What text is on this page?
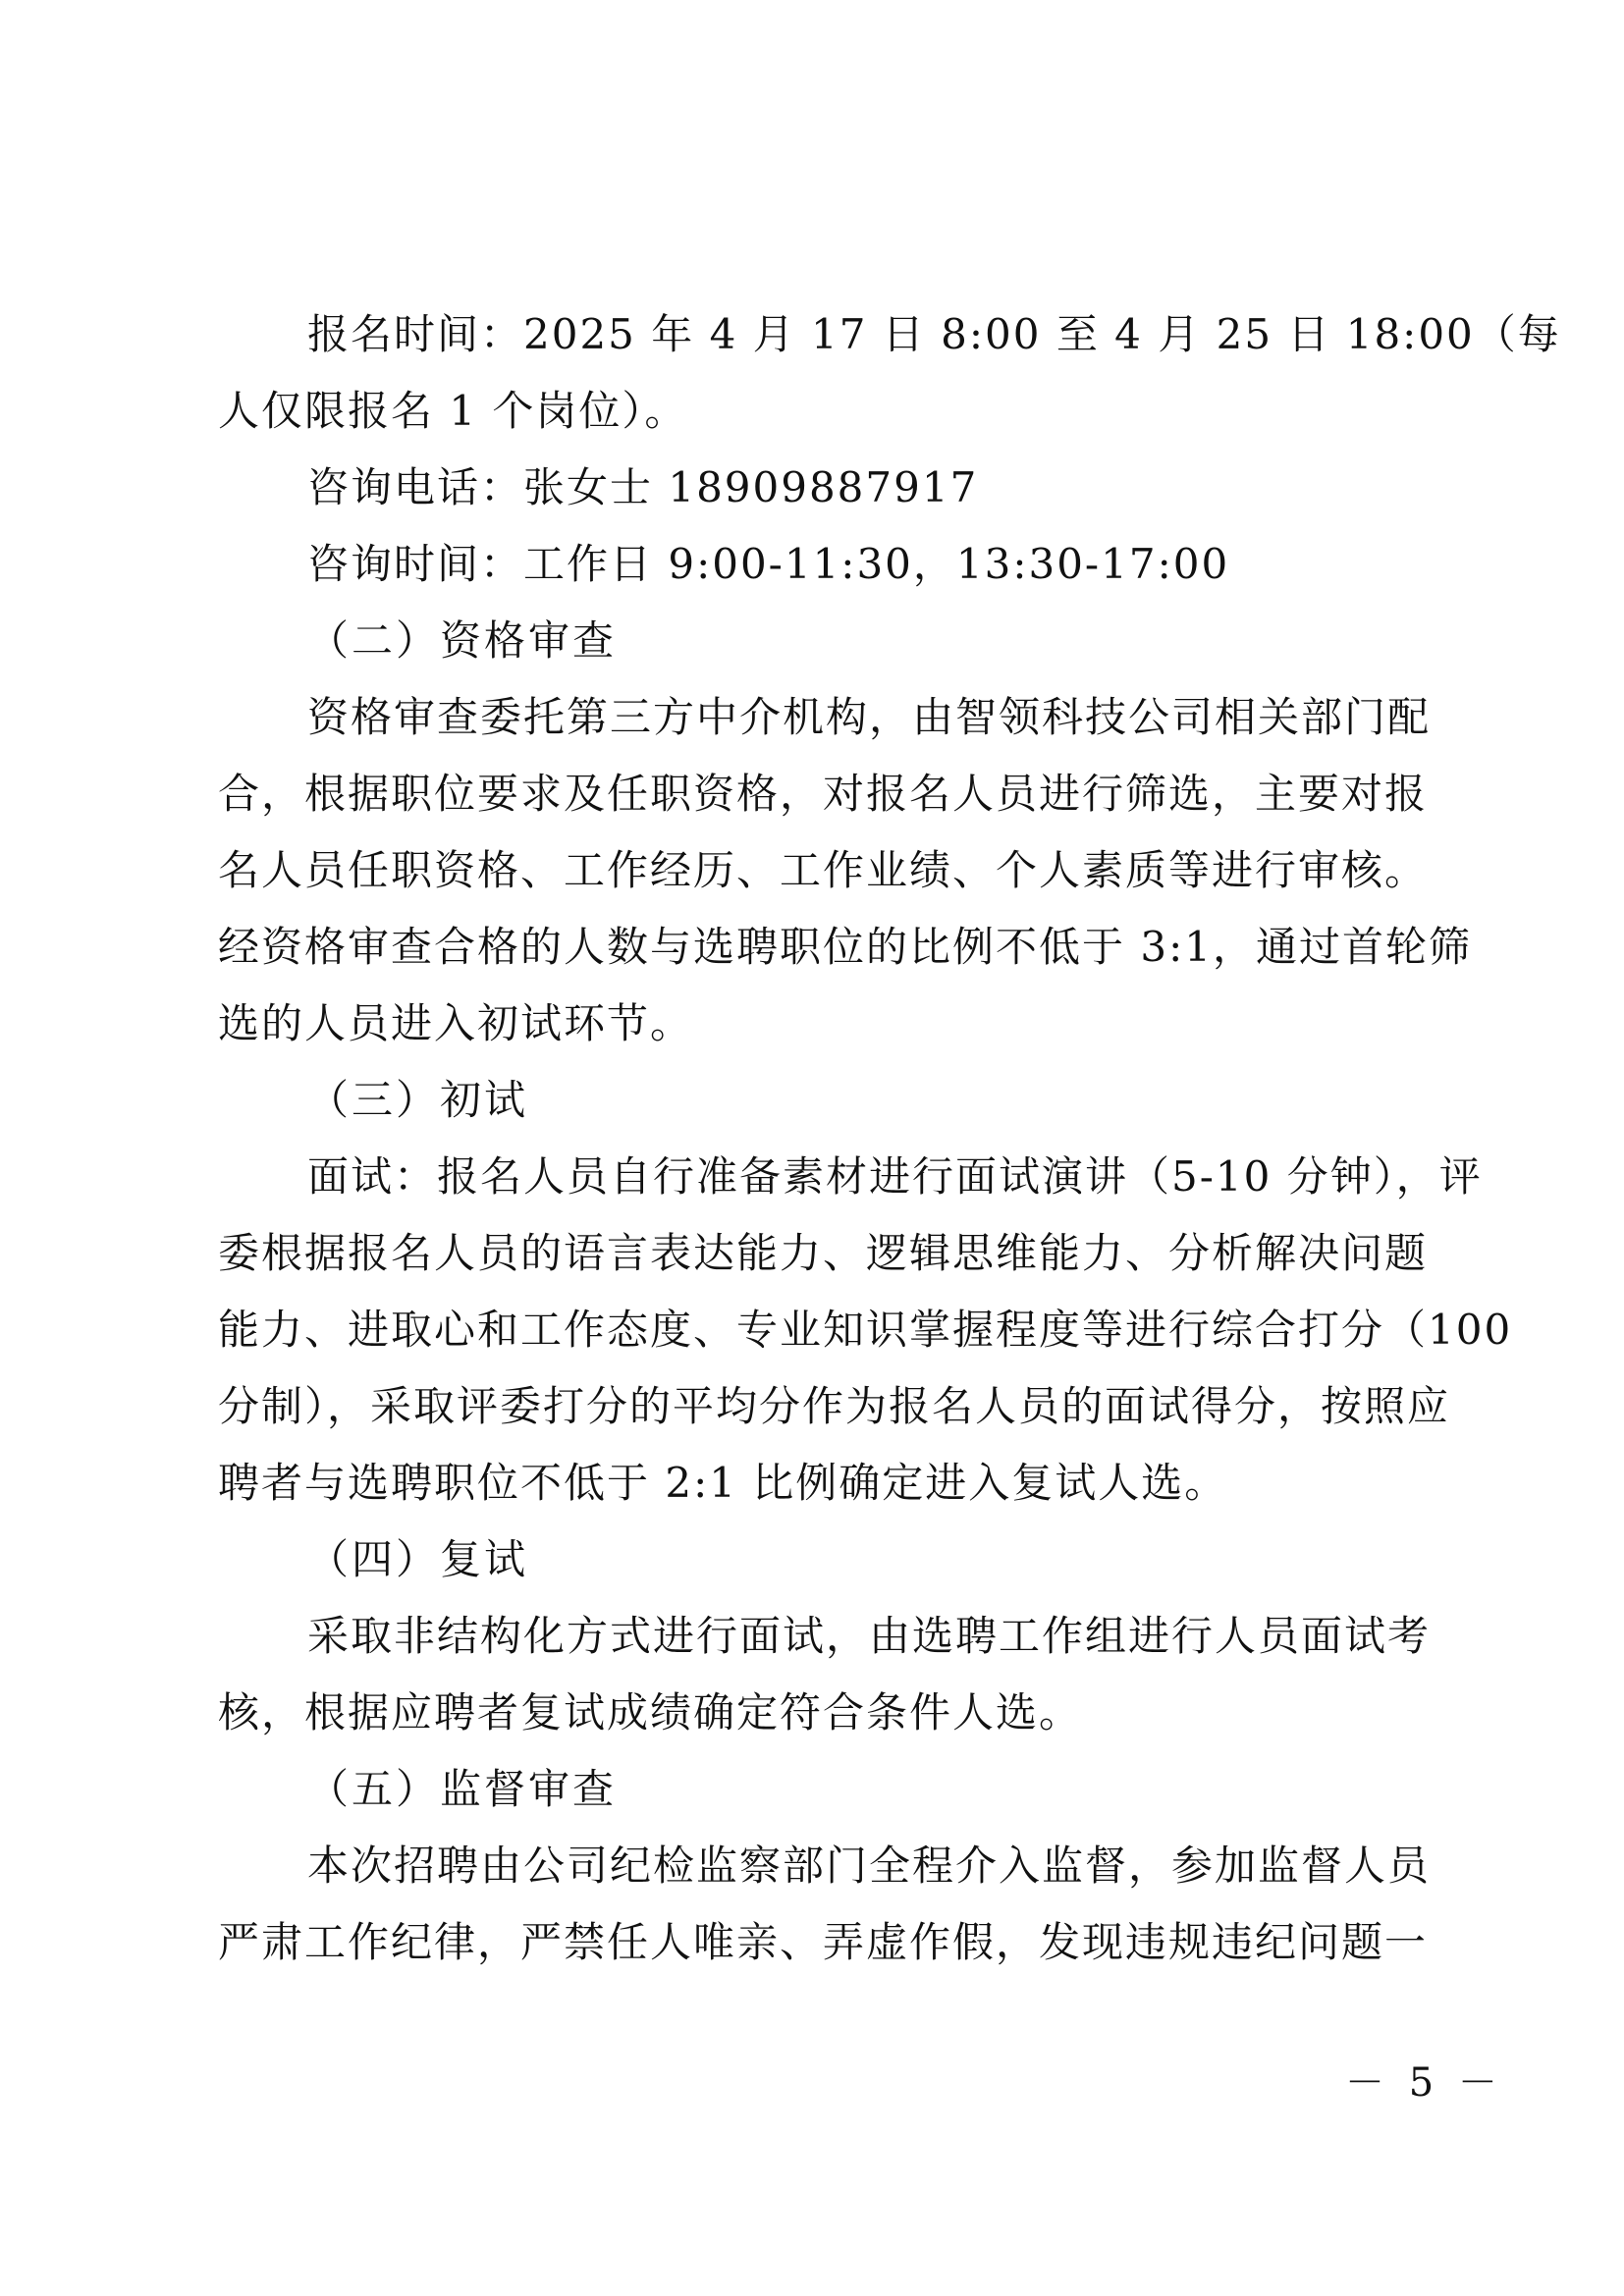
报名时间：2025 年 4 月 17 日 8:00 至 4 月 25 日 18:00（每
人仅限报名 1 个岗位）。
咨询电话：张女士 18909887917
咨询时间：工作日 9:00-11:30，13:30-17:00
（二）资格审查
资格审查委托第三方中介机构，由智领科技公司相关部门配
合，根据职位要求及任职资格，对报名人员进行筛选，主要对报
名人员任职资格、工作经历、工作业绩、个人素质等进行审核。
经资格审查合格的人数与选聘职位的比例不低于 3:1，通过首轮筛
选的人员进入初试环节。
（三）初试
面试：报名人员自行准备素材进行面试演讲（5-10 分钟），评
委根据报名人员的语言表达能力、逻辑思维能力、分析解决问题
能力、进取心和工作态度、专业知识掌握程度等进行综合打分（100
分制），采取评委打分的平均分作为报名人员的面试得分，按照应
聘者与选聘职位不低于 2:1 比例确定进入复试人选。
（四）复试
采取非结构化方式进行面试，由选聘工作组进行人员面试考
核，根据应聘者复试成绩确定符合条件人选。
（五）监督审查
本次招聘由公司纪检监察部门全程介入监督，参加监督人员
严肃工作纪律，严禁任人唯亲、弄虚作假，发现违规违纪问题一
－ 5 －
